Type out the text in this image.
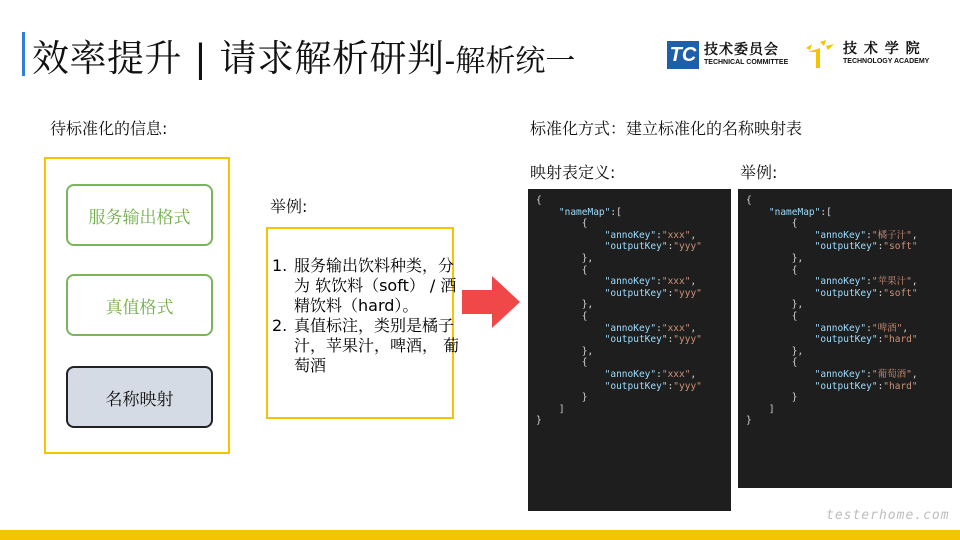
效率提升 | 请求解析研判 -解析统一	TC 技术委员会
TECHNICAL COMMITTEE
技 术 学 院
TECHNOLOGY ACADEMY
待标准化的信息:
服务输出格式
真值格式
名称映射
举例:
1. 服务输出饮料种类，分为 软饮料（soft） / 酒精饮料（hard）。
2. 真值标注，类别是橘子汁，苹果汁，啤酒， 葡萄酒
标准化方式：建立标准化的名称映射表
映射表定义:	举例:
{
"nameMap":[
{
"annoKey":"xxx",
"outputKey":"yyy"
},
{
"annoKey":"xxx",
"outputKey":"yyy"
},
{
"annoKey":"xxx",
"outputKey":"yyy"
},
{
"annoKey":"xxx",
"outputKey":"yyy"
}
]
}
{
"nameMap":[
{
"annoKey":"橘子汁",
"outputKey":"soft"
},
{
"annoKey":"苹果汁",
"outputKey":"soft"
},
{
"annoKey":"啤酒",
"outputKey":"hard"
},
{
"annoKey":"葡萄酒",
"outputKey":"hard"
}
]
}
testerhome.com
